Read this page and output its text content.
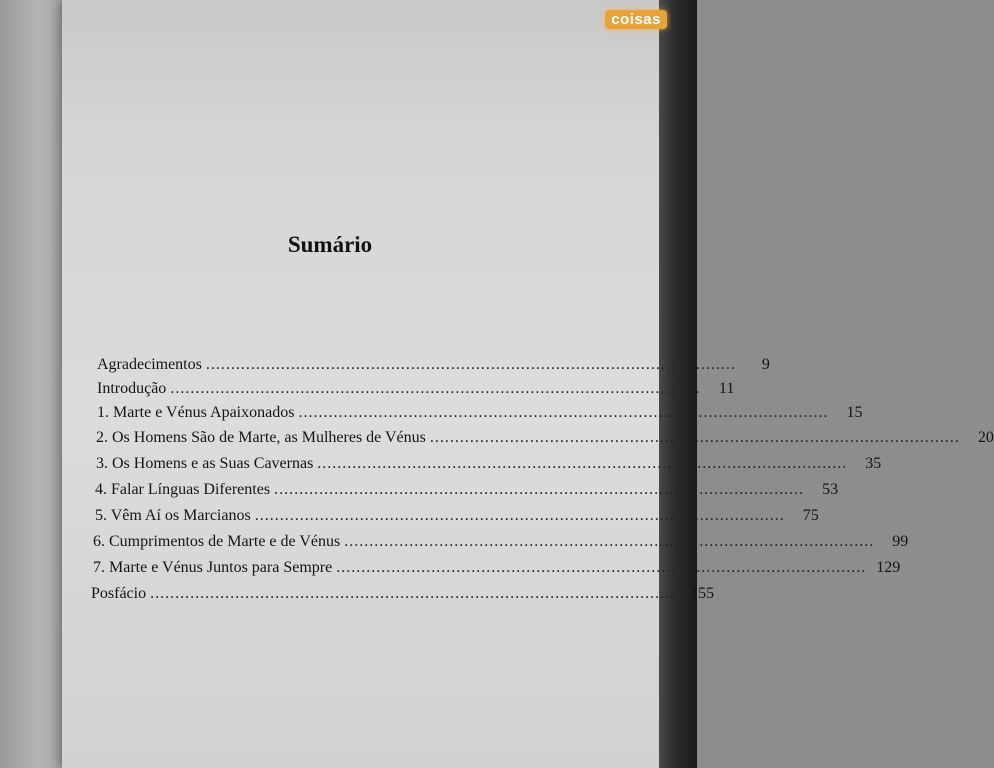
coisas
Sumário
Agradecimentos ..........................................................................................................	9
Introdução ..........................................................................................................	11
1. Marte e Vénus Apaixonados ..........................................................................................................	15
2. Os Homens São de Marte, as Mulheres de Vénus ..........................................................................................................	20
3. Os Homens e as Suas Cavernas ..........................................................................................................	35
4. Falar Línguas Diferentes ..........................................................................................................	53
5. Vêm Aí os Marcianos ..........................................................................................................	75
6. Cumprimentos de Marte e de Vénus ..........................................................................................................	99
7. Marte e Vénus Juntos para Sempre .......................................................................................................... 129
Posfácio .......................................................................................................... 155
